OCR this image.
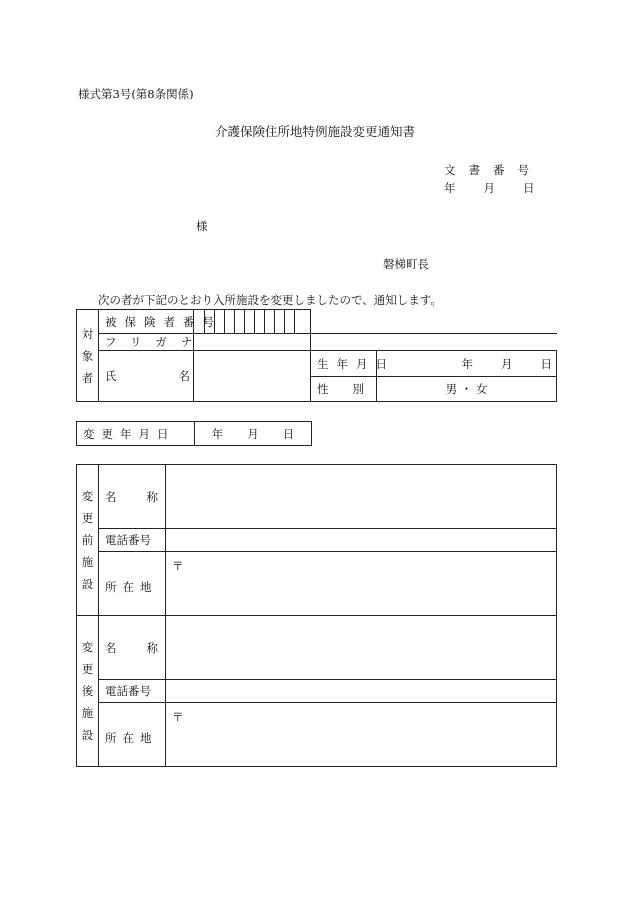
様式第3号(第8条関係)
介護保険住所地特例施設変更通知書
文書番号
年 月 日
様
磐梯町長
次の者が下記のとおり入所施設を変更しましたので、通知します。
対象者	被保険者番号			
	フリガナ			
	氏 名		生年月日	年 月 日
			性 別	男 ・ 女
変更年月日	年 月 日
変更前施設	名 称	
	電話番号	
	所在地	〒
変更後施設	名 称	
	電話番号	
	所在地	〒
